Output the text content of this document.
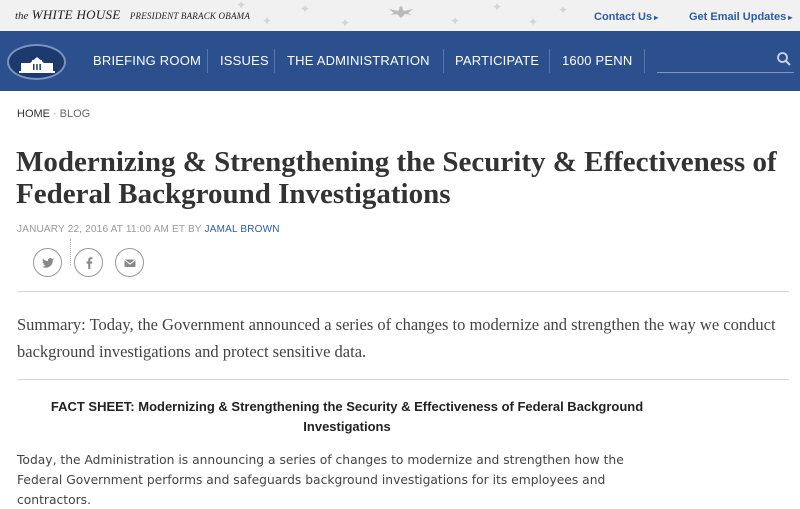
the WHITE HOUSE PRESIDENT BARACK OBAMA
✦
✦
✦
✦	✦
✦
✦
✦ Contact Us ▸	Get Email Updates ▸
BRIEFING ROOM ISSUES THE ADMINISTRATION PARTICIPATE 1600 PENN
HOME · BLOG
Modernizing & Strengthening the Security & Effectiveness of Federal Background Investigations
JANUARY 22, 2016 AT 11:00 AM ET BY JAMAL BROWN

Summary: Today, the Government announced a series of changes to modernize and strengthen the way we conduct background investigations and protect sensitive data.

FACT SHEET: Modernizing & Strengthening the Security & Effectiveness of Federal Background Investigations

Today, the Administration is announcing a series of changes to modernize and strengthen how the Federal Government performs and safeguards background investigations for its employees and contractors.
